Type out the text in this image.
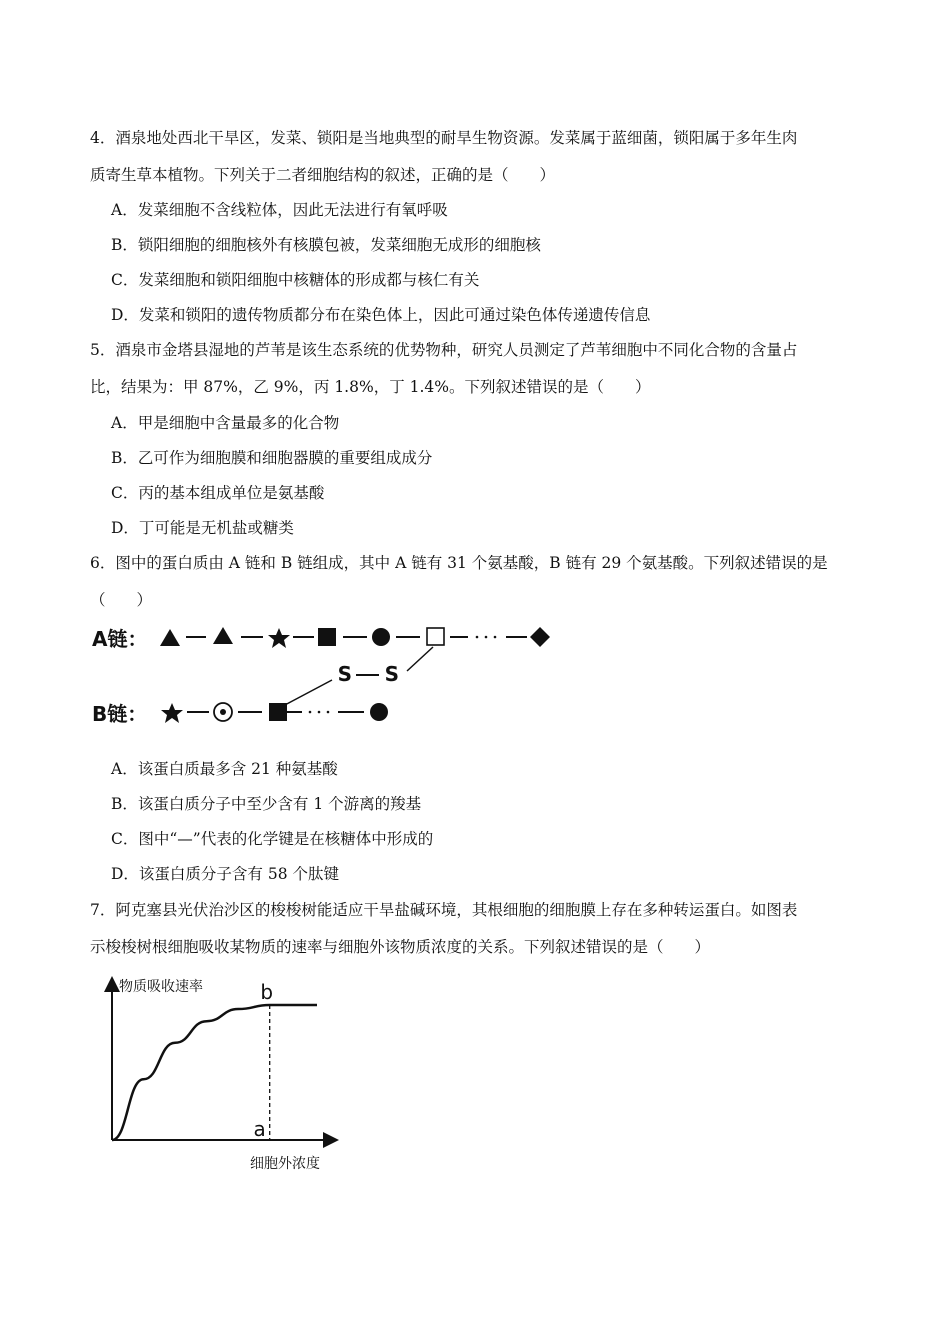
4．酒泉地处西北干旱区，发菜、锁阳是当地典型的耐旱生物资源。发菜属于蓝细菌，锁阳属于多年生肉
质寄生草本植物。下列关于二者细胞结构的叙述，正确的是（　　）
A．发菜细胞不含线粒体，因此无法进行有氧呼吸
B．锁阳细胞的细胞核外有核膜包被，发菜细胞无成形的细胞核
C．发菜细胞和锁阳细胞中核糖体的形成都与核仁有关
D．发菜和锁阳的遗传物质都分布在染色体上，因此可通过染色体传递遗传信息
5．酒泉市金塔县湿地的芦苇是该生态系统的优势物种，研究人员测定了芦苇细胞中不同化合物的含量占
比，结果为：甲 87%，乙 9%，丙 1.8%，丁 1.4%。下列叙述错误的是（　　）
A．甲是细胞中含量最多的化合物
B．乙可作为细胞膜和细胞器膜的重要组成成分
C．丙的基本组成单位是氨基酸
D．丁可能是无机盐或糖类
6．图中的蛋白质由 A 链和 B 链组成，其中 A 链有 31 个氨基酸，B 链有 29 个氨基酸。下列叙述错误的是
（　　）
A链：
S
S
B链：
A．该蛋白质最多含 21 种氨基酸
B．该蛋白质分子中至少含有 1 个游离的羧基
C．图中“—”代表的化学键是在核糖体中形成的
D．该蛋白质分子含有 58 个肽键
7．阿克塞县光伏治沙区的梭梭树能适应干旱盐碱环境，其根细胞的细胞膜上存在多种转运蛋白。如图表
示梭梭树根细胞吸收某物质的速率与细胞外该物质浓度的关系。下列叙述错误的是（　　）
物质吸收速率
细胞外浓度
b
a
